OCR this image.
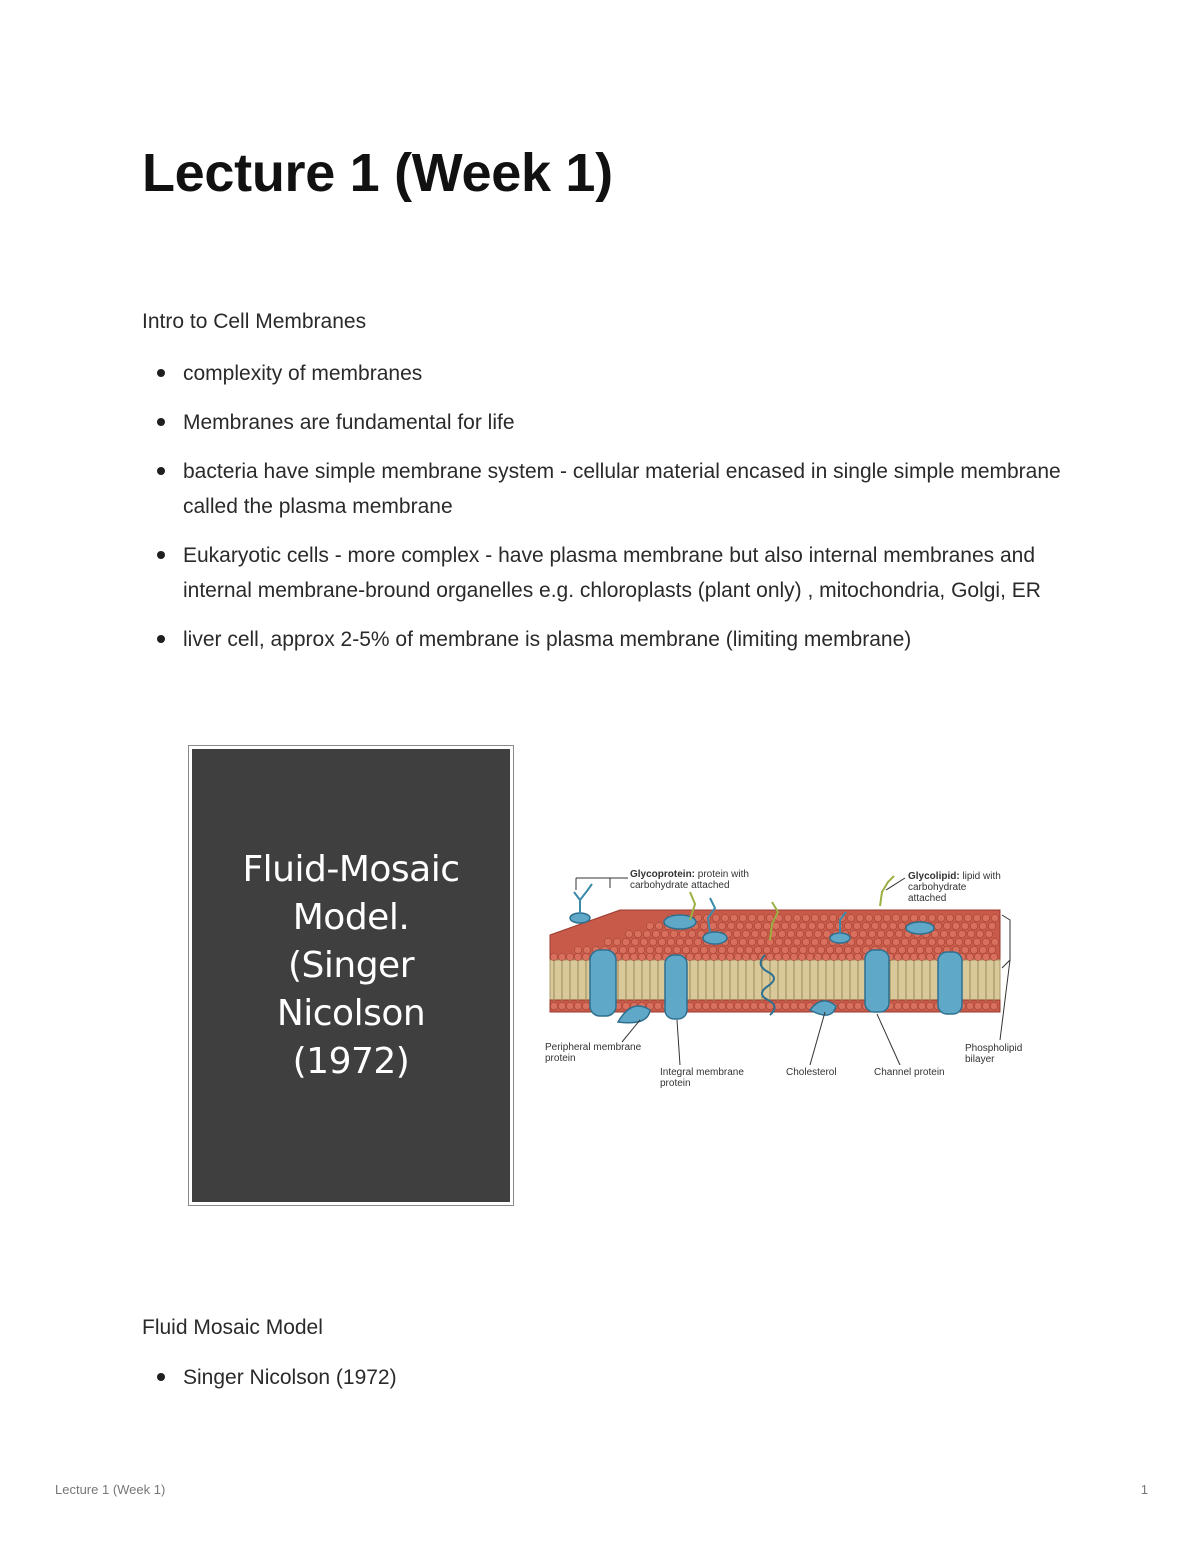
Lecture 1 (Week 1)
Intro to Cell Membranes
complexity of membranes
Membranes are fundamental for life
bacteria have simple membrane system - cellular material encased in single simple membrane called the plasma membrane
Eukaryotic cells - more complex - have plasma membrane but also internal membranes and internal membrane-bround organelles e.g. chloroplasts (plant only) , mitochondria, Golgi, ER
liver cell, approx 2-5% of membrane is plasma membrane (limiting membrane)
Fluid-Mosaic
Model.
(Singer
Nicolson
(1972)
Glycoprotein: protein with
carbohydrate attached
Glycolipid: lipid with
carbohydrate
attached
Peripheral membrane
protein
Integral membrane
protein
Cholesterol	Channel protein
Phospholipid
bilayer
Fluid Mosaic Model
Singer Nicolson (1972)
Lecture 1 (Week 1)	1
